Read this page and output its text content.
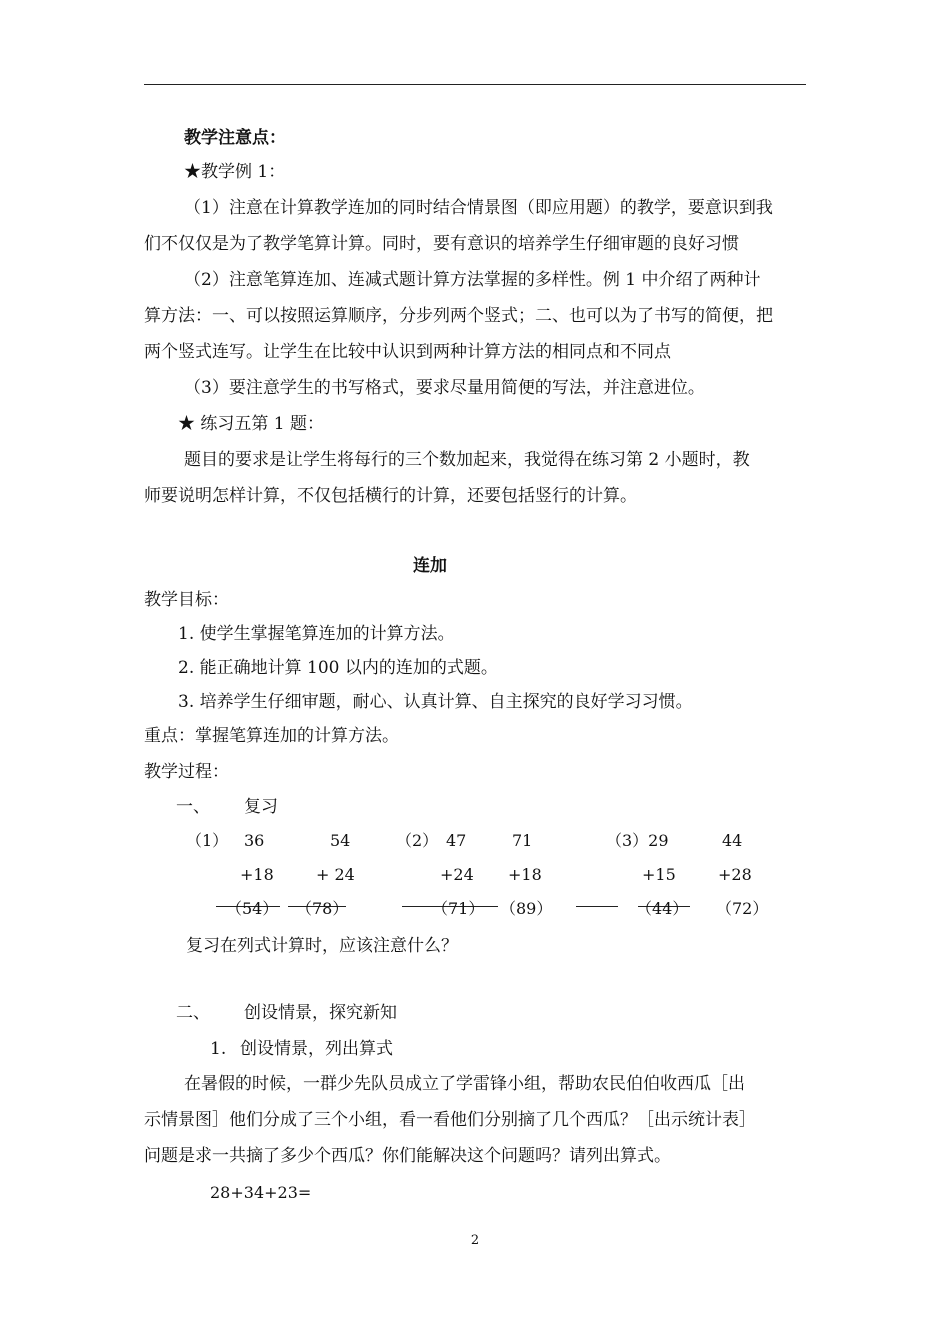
教学注意点：
★教学例 1：
（1）注意在计算教学连加的同时结合情景图（即应用题）的教学，要意识到我
们不仅仅是为了教学笔算计算。同时，要有意识的培养学生仔细审题的良好习惯
（2）注意笔算连加、连减式题计算方法掌握的多样性。例 1 中介绍了两种计
算方法：一、可以按照运算顺序，分步列两个竖式；二、也可以为了书写的简便，把
两个竖式连写。让学生在比较中认识到两种计算方法的相同点和不同点
（3）要注意学生的书写格式，要求尽量用简便的写法，并注意进位。
★ 练习五第 1 题：
题目的要求是让学生将每行的三个数加起来，我觉得在练习第 2 小题时，教
师要说明怎样计算，不仅包括横行的计算，还要包括竖行的计算。
连加
教学目标：
1. 使学生掌握笔算连加的计算方法。
2. 能正确地计算 100 以内的连加的式题。
3. 培养学生仔细审题，耐心、认真计算、自主探究的良好学习习惯。
重点：掌握笔算连加的计算方法。
教学过程：
一、 复习
（1） 36	54	（2） 47	71	（3）29	44
+18	+ 24	+24 +18	+15	+28
（54） （78）	（71） （89）	（44） （72）
复习在列式计算时，应该注意什么？
二、 创设情景，探究新知
1. 创设情景，列出算式
在暑假的时候，一群少先队员成立了学雷锋小组，帮助农民伯伯收西瓜［出
示情景图］他们分成了三个小组，看一看他们分别摘了几个西瓜？［出示统计表］
问题是求一共摘了多少个西瓜？你们能解决这个问题吗？请列出算式。
28+34+23=
2
